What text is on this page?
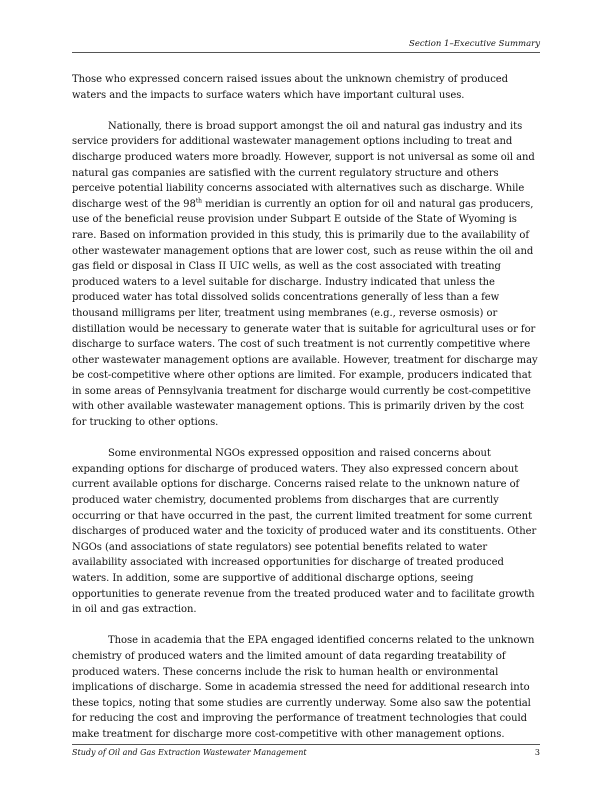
Section 1–Executive Summary

Those who expressed concern raised issues about the unknown chemistry of produced waters and the impacts to surface waters which have important cultural uses.

Nationally, there is broad support amongst the oil and natural gas industry and its service providers for additional wastewater management options including to treat and discharge produced waters more broadly. However, support is not universal as some oil and natural gas companies are satisfied with the current regulatory structure and others perceive potential liability concerns associated with alternatives such as discharge. While discharge west of the 98th meridian is currently an option for oil and natural gas producers, use of the beneficial reuse provision under Subpart E outside of the State of Wyoming is rare. Based on information provided in this study, this is primarily due to the availability of other wastewater management options that are lower cost, such as reuse within the oil and gas field or disposal in Class II UIC wells, as well as the cost associated with treating produced waters to a level suitable for discharge. Industry indicated that unless the produced water has total dissolved solids concentrations generally of less than a few thousand milligrams per liter, treatment using membranes (e.g., reverse osmosis) or distillation would be necessary to generate water that is suitable for agricultural uses or for discharge to surface waters. The cost of such treatment is not currently competitive where other wastewater management options are available. However, treatment for discharge may be cost-competitive where other options are limited. For example, producers indicated that in some areas of Pennsylvania treatment for discharge would currently be cost-competitive with other available wastewater management options. This is primarily driven by the cost for trucking to other options.

Some environmental NGOs expressed opposition and raised concerns about expanding options for discharge of produced waters. They also expressed concern about current available options for discharge. Concerns raised relate to the unknown nature of produced water chemistry, documented problems from discharges that are currently occurring or that have occurred in the past, the current limited treatment for some current discharges of produced water and the toxicity of produced water and its constituents. Other NGOs (and associations of state regulators) see potential benefits related to water availability associated with increased opportunities for discharge of treated produced waters. In addition, some are supportive of additional discharge options, seeing opportunities to generate revenue from the treated produced water and to facilitate growth in oil and gas extraction.

Those in academia that the EPA engaged identified concerns related to the unknown chemistry of produced waters and the limited amount of data regarding treatability of produced waters. These concerns include the risk to human health or environmental implications of discharge. Some in academia stressed the need for additional research into these topics, noting that some studies are currently underway. Some also saw the potential for reducing the cost and improving the performance of treatment technologies that could make treatment for discharge more cost-competitive with other management options.

Study of Oil and Gas Extraction Wastewater Management	3
